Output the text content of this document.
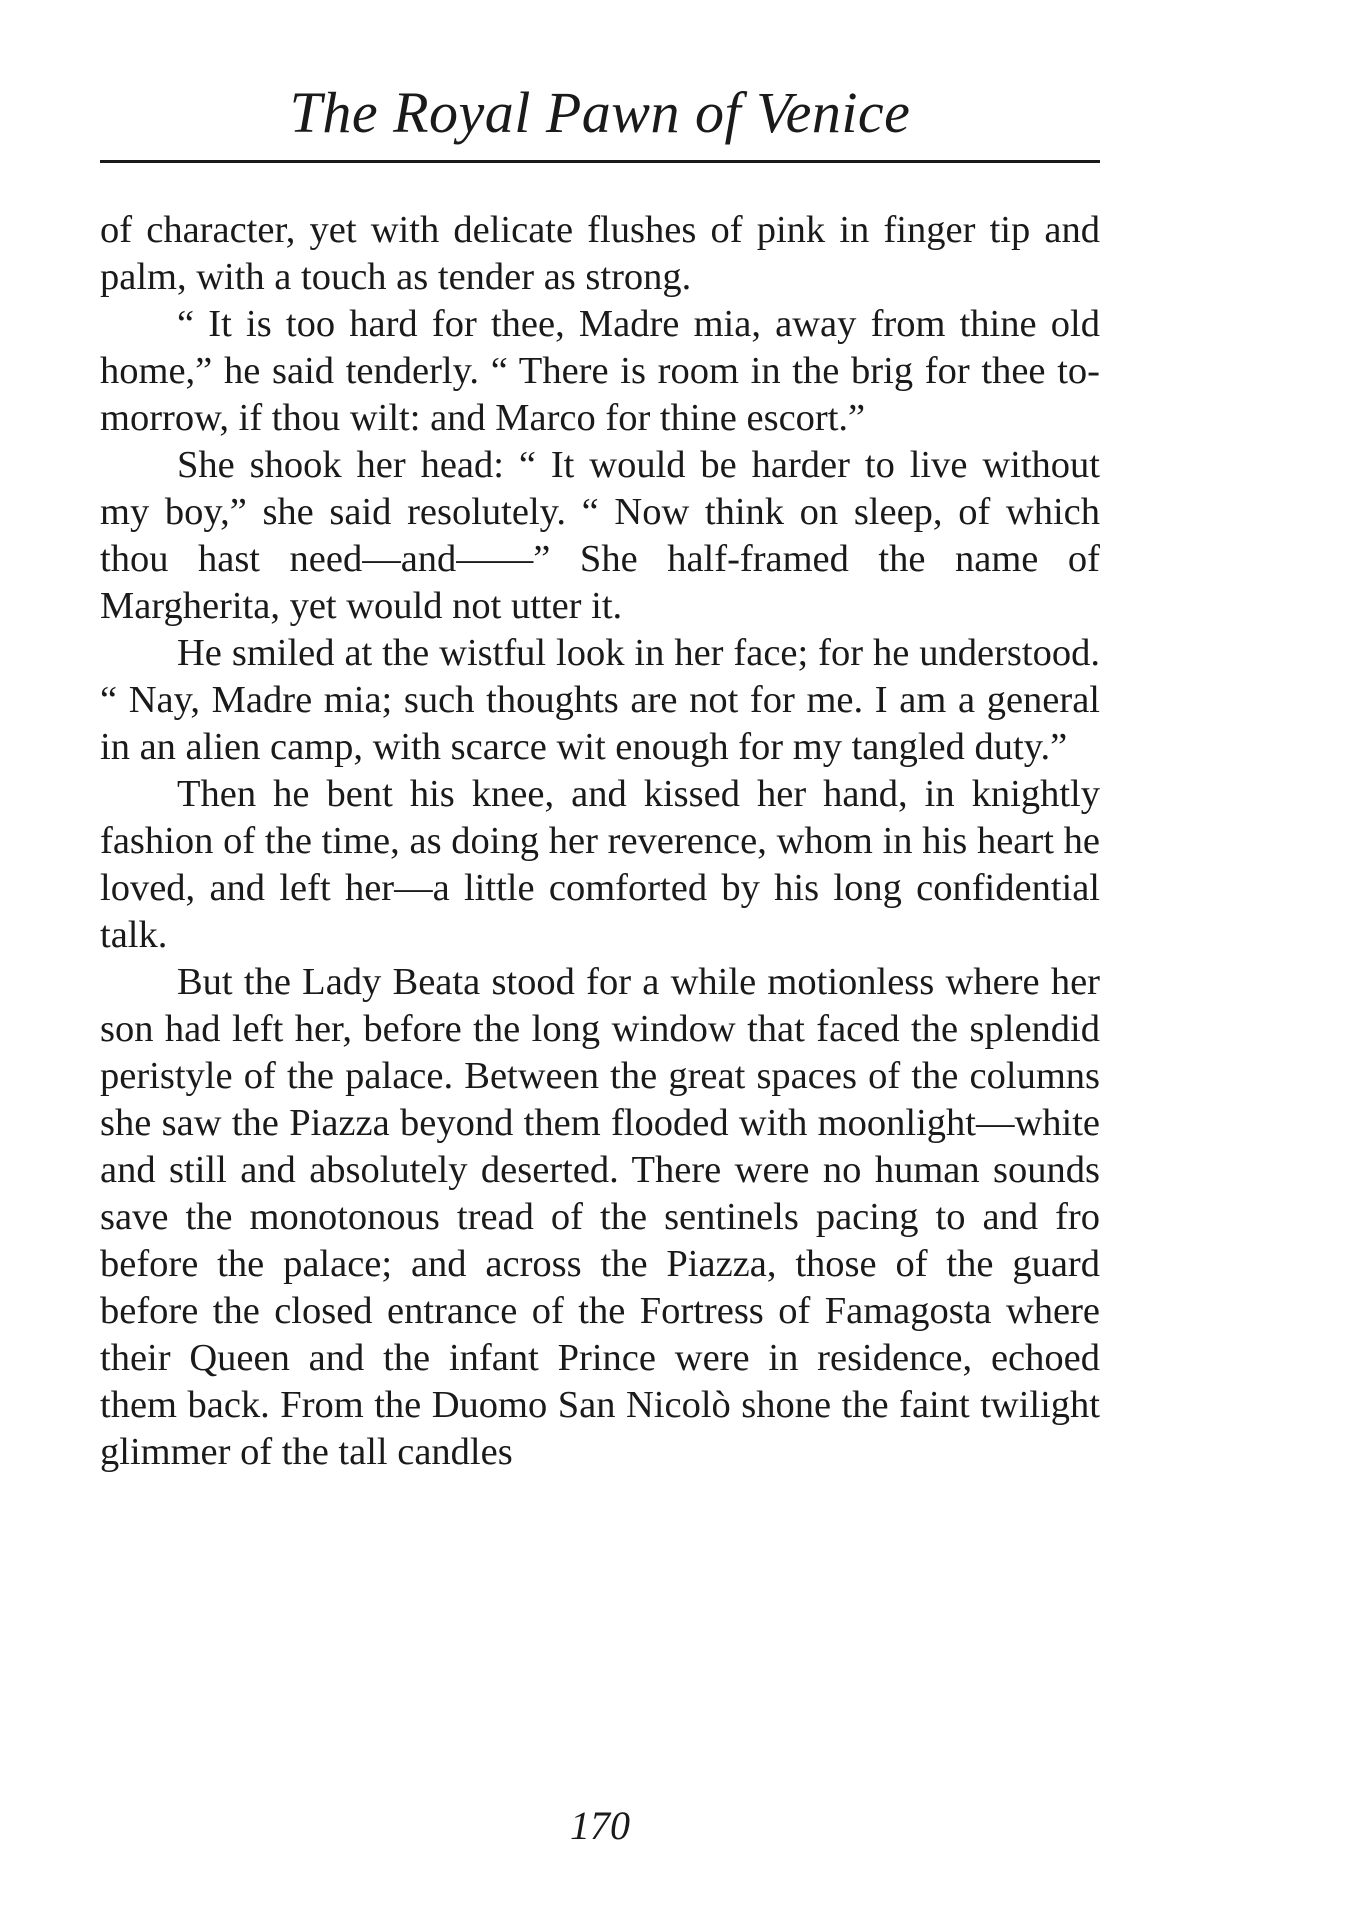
The Royal Pawn of Venice

of character, yet with delicate flushes of pink in finger tip and palm, with a touch as tender as strong.

“ It is too hard for thee, Madre mia, away from thine old home,” he said tenderly. “ There is room in the brig for thee to-morrow, if thou wilt: and Marco for thine escort.”

She shook her head: “ It would be harder to live without my boy,” she said resolutely. “ Now think on sleep, of which thou hast need—and——” She half-framed the name of Margherita, yet would not utter it.

He smiled at the wistful look in her face; for he understood. “ Nay, Madre mia; such thoughts are not for me. I am a general in an alien camp, with scarce wit enough for my tangled duty.”

Then he bent his knee, and kissed her hand, in knightly fashion of the time, as doing her reverence, whom in his heart he loved, and left her—a little comforted by his long confidential talk.

But the Lady Beata stood for a while motionless where her son had left her, before the long window that faced the splendid peristyle of the palace. Between the great spaces of the columns she saw the Piazza beyond them flooded with moonlight—white and still and absolutely deserted. There were no human sounds save the monotonous tread of the sentinels pacing to and fro before the palace; and across the Piazza, those of the guard before the closed entrance of the Fortress of Famagosta where their Queen and the infant Prince were in residence, echoed them back. From the Duomo San Nicolò shone the faint twilight glimmer of the tall candles

170
